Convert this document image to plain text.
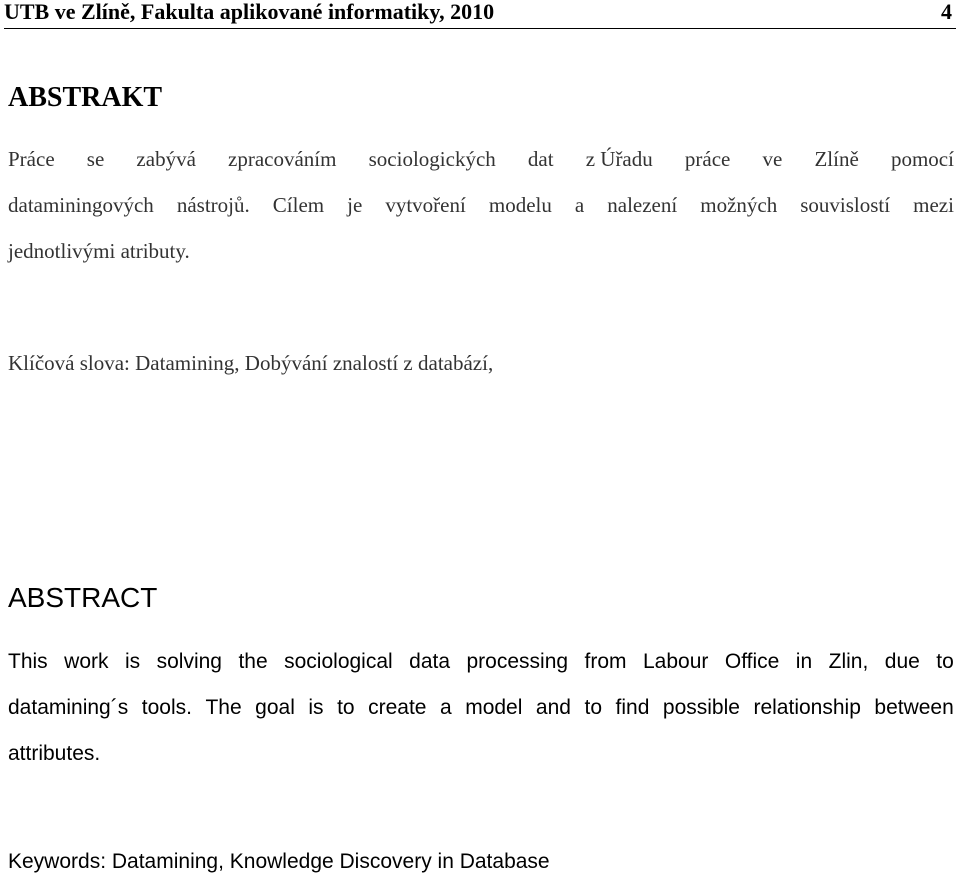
UTB ve Zlíně, Fakulta aplikované informatiky, 2010	4
ABSTRAKT
Práce se zabývá zpracováním sociologických dat z Úřadu práce ve Zlíně pomocí
dataminingových nástrojů. Cílem je vytvoření modelu a nalezení možných souvislostí mezi
jednotlivými atributy.
Klíčová slova: Datamining, Dobývání znalostí z databází,
ABSTRACT
This work is solving the sociological data processing from Labour Office in Zlin, due to
datamining´s tools. The goal is to create a model and to find possible relationship between
attributes.
Keywords: Datamining, Knowledge Discovery in Database
